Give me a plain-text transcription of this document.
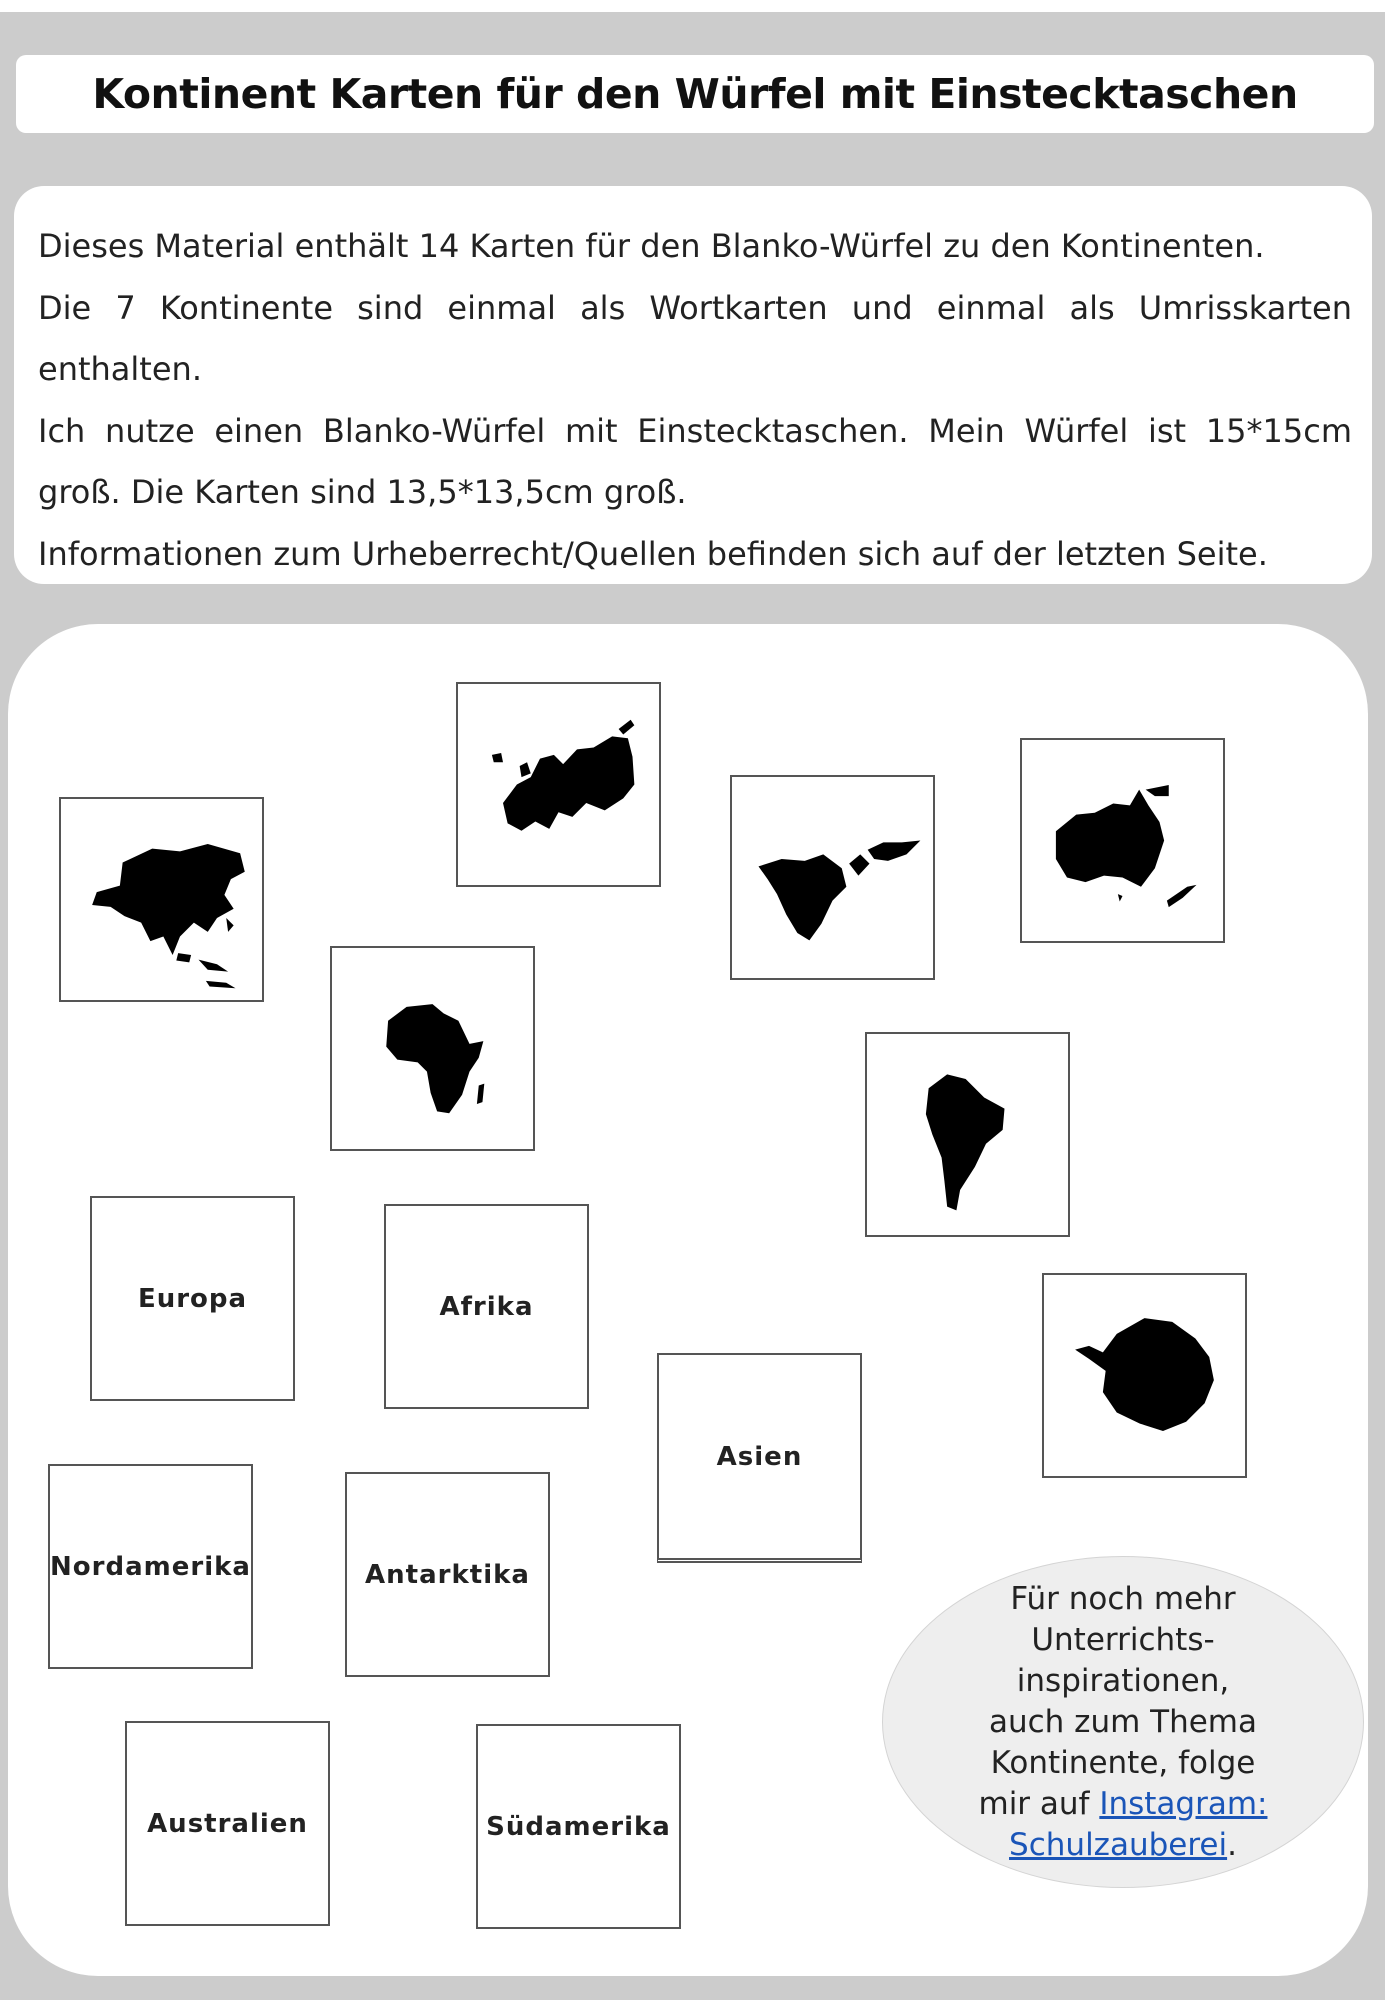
Kontinent Karten für den Würfel mit Einstecktaschen

Dieses Material enthält 14 Karten für den Blanko-Würfel zu den Kontinenten.

Die 7 Kontinente sind einmal als Wortkarten und einmal als Umrisskarten enthalten.

Ich nutze einen Blanko-Würfel mit Einstecktaschen. Mein Würfel ist 15*15cm groß. Die Karten sind 13,5*13,5cm groß.

Informationen zum Urheberrecht/Quellen befinden sich auf der letzten Seite.

Europa	Afrika
Asien
Nordamerika	Antarktika
Australien	Südamerika
Für noch mehr
Unterrichts-
inspirationen,
auch zum Thema
Kontinente, folge
mir auf Instagram:
Schulzauberei.
